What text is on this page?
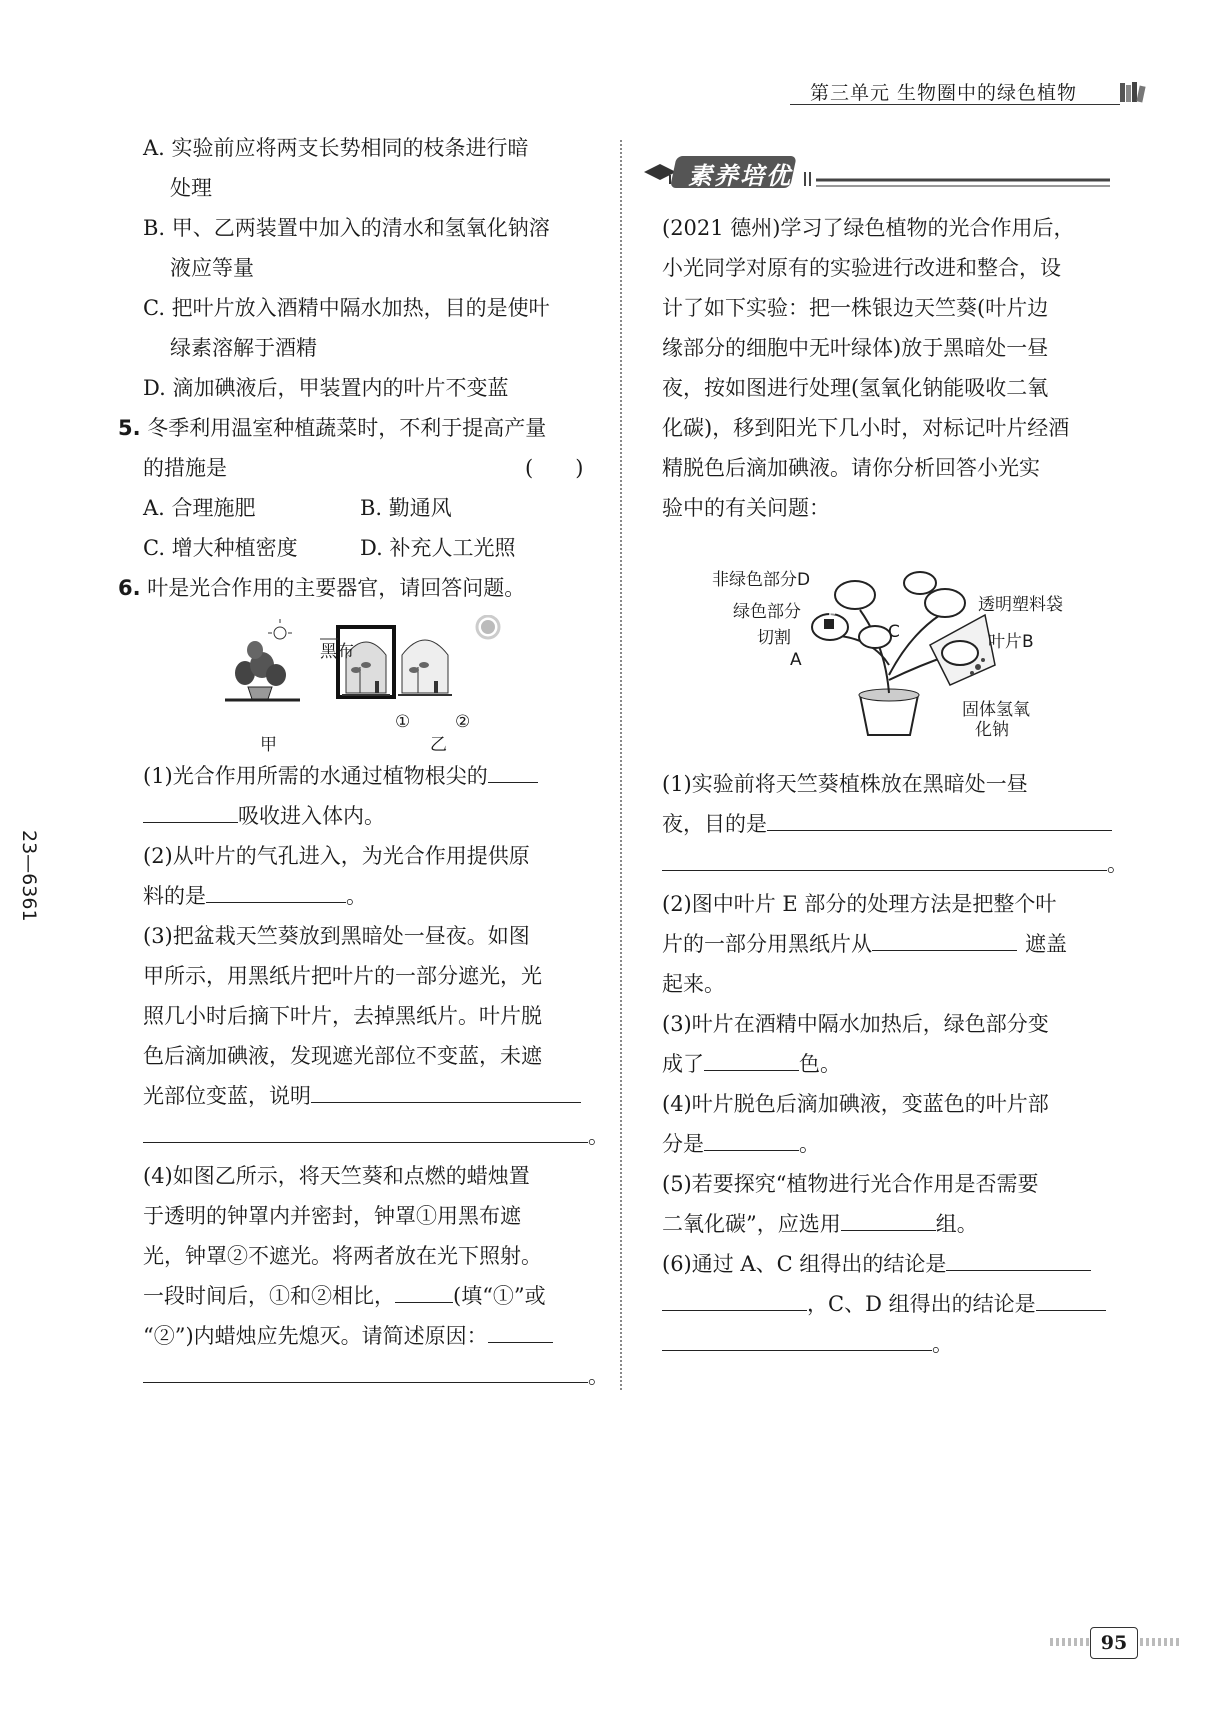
第三单元 生物圈中的绿色植物
23—6361
A. 实验前应将两支长势相同的枝条进行暗
处理
B. 甲、乙两装置中加入的清水和氢氧化钠溶
液应等量
C. 把叶片放入酒精中隔水加热，目的是使叶
绿素溶解于酒精
D. 滴加碘液后，甲装置内的叶片不变蓝
5. 冬季利用温室种植蔬菜时，不利于提高产量
的措施是	(　　)
A. 合理施肥	B. 勤通风
C. 增大种植密度	D. 补充人工光照
6. 叶是光合作用的主要器官，请回答问题。
黑布
①	②
甲	乙
(1)光合作用所需的水通过植物根尖的
吸收进入体内。
(2)从叶片的气孔进入，为光合作用提供原
料的是	。
(3)把盆栽天竺葵放到黑暗处一昼夜。如图
甲所示，用黑纸片把叶片的一部分遮光，光
照几小时后摘下叶片，去掉黑纸片。叶片脱
色后滴加碘液，发现遮光部位不变蓝，未遮
光部位变蓝，说明
。
(4)如图乙所示，将天竺葵和点燃的蜡烛置
于透明的钟罩内并密封，钟罩①用黑布遮
光，钟罩②不遮光。将两者放在光下照射。
一段时间后，①和②相比，	(填“①”或
“②”)内蜡烛应先熄灭。请简述原因：
。
素养培优
(2021 德州)学习了绿色植物的光合作用后，
小光同学对原有的实验进行改进和整合，设
计了如下实验：把一株银边天竺葵(叶片边
缘部分的细胞中无叶绿体)放于黑暗处一昼
夜，按如图进行处理(氢氧化钠能吸收二氧
化碳)，移到阳光下几小时，对标记叶片经酒
精脱色后滴加碘液。请你分析回答小光实
验中的有关问题：
非绿色部分D
绿色部分
切割
A
E
C
透明塑料袋
叶片B
固体氢氧
化钠
(1)实验前将天竺葵植株放在黑暗处一昼
夜，目的是
。
(2)图中叶片 E 部分的处理方法是把整个叶
片的一部分用黑纸片从	遮盖
起来。
(3)叶片在酒精中隔水加热后，绿色部分变
成了	色。
(4)叶片脱色后滴加碘液，变蓝色的叶片部
分是	。
(5)若要探究“植物进行光合作用是否需要
二氧化碳”，应选用	组。
(6)通过 A、C 组得出的结论是
，C、D 组得出的结论是
。
95
